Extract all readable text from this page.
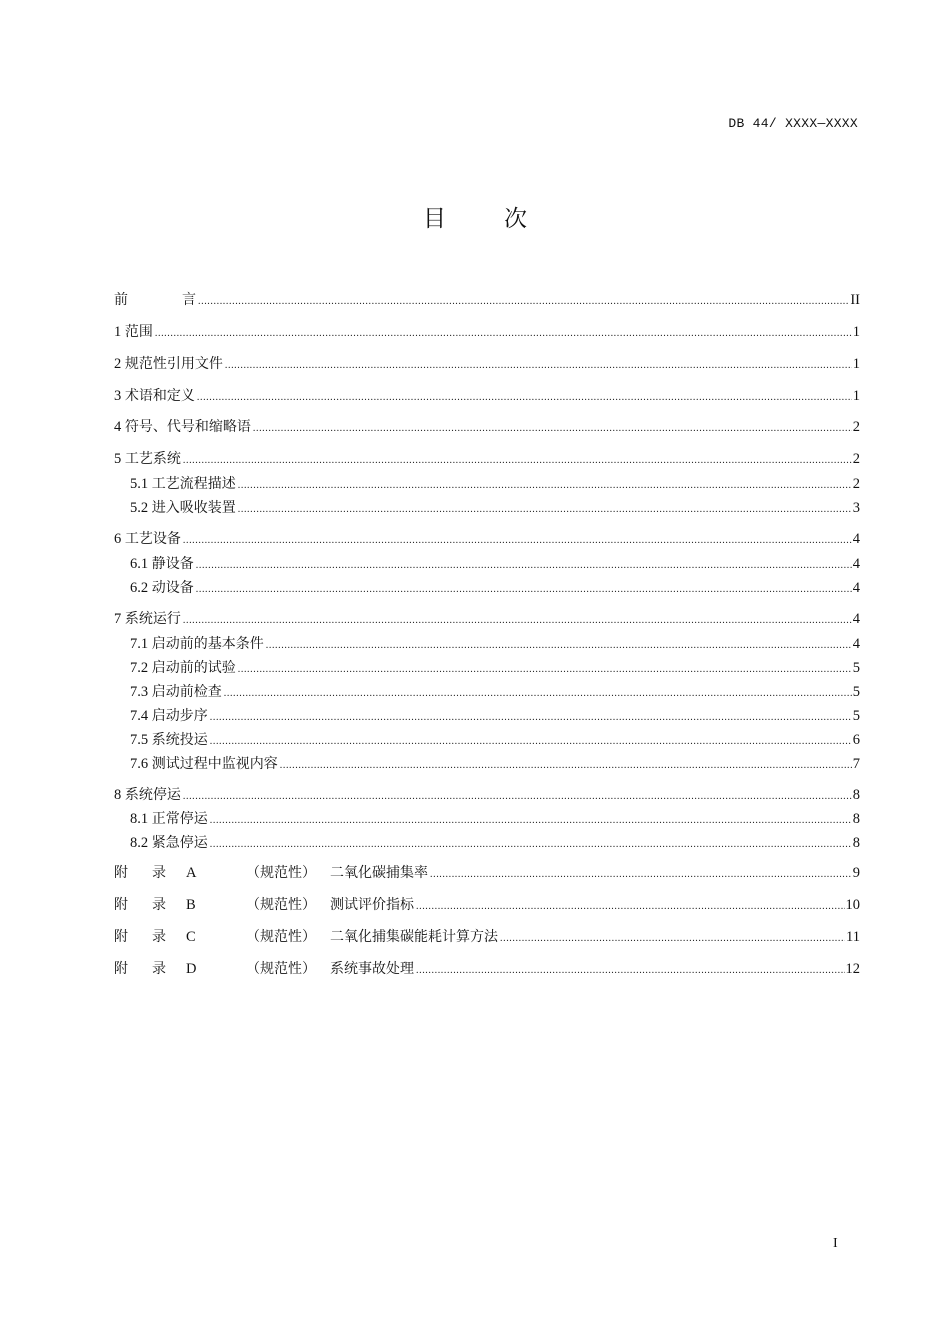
DB 44/ XXXX—XXXX
目	次
前	言 .....	II
1 范围 .....	1
2 规范性引用文件 .....	1
3 术语和定义 .....	1
4 符号、代号和缩略语 .....	2
5 工艺系统 .....	2
5.1 工艺流程描述 .....	2
5.2 进入吸收装置 .....	3
6 工艺设备 .....	4
6.1 静设备 .....	4
6.2 动设备 .....	4
7 系统运行 .....	4
7.1 启动前的基本条件 .....	4
7.2 启动前的试验 .....	5
7.3 启动前检查 .....	5
7.4 启动步序 .....	5
7.5 系统投运 .....	6
7.6 测试过程中监视内容 .....	7
8 系统停运 .....	8
8.1 正常停运 .....	8
8.2 紧急停运 .....	8
附	录	A	（规范性）	二氧化碳捕集率 .....	9
附	录	B	（规范性）	测试评价指标 .....	10
附	录	C	（规范性）	二氧化捕集碳能耗计算方法 .....	11
附	录	D	（规范性）	系统事故处理 .....	12
I
